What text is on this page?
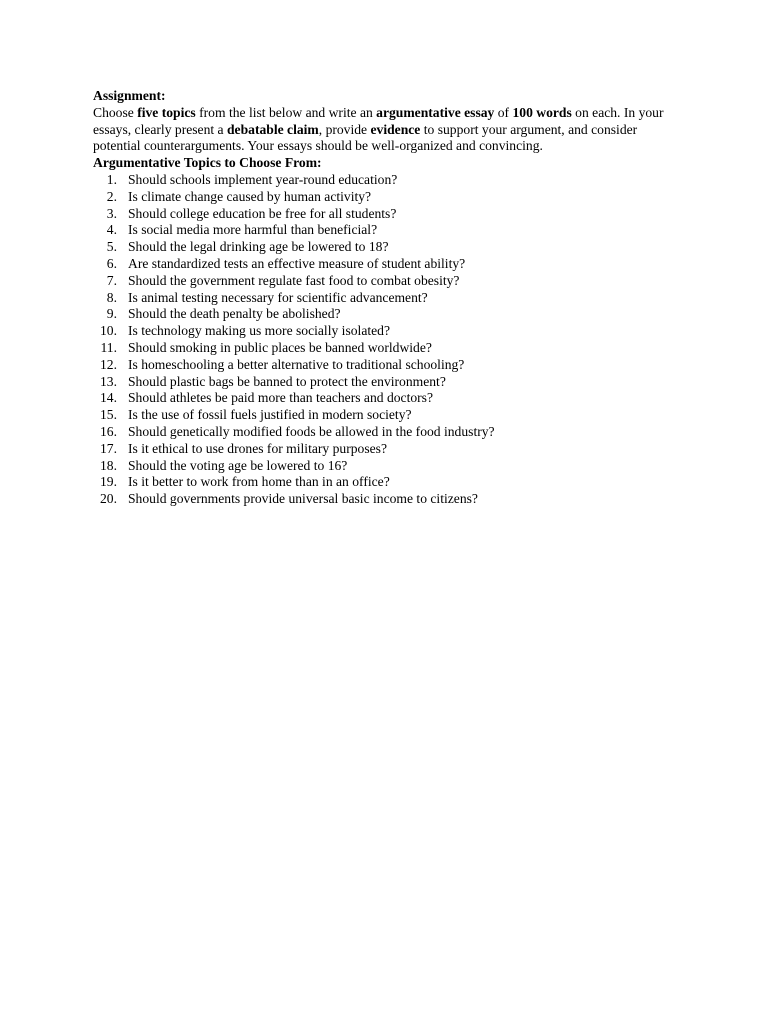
Assignment:

Choose five topics from the list below and write an argumentative essay of 100 words on each. In your essays, clearly present a debatable claim, provide evidence to support your argument, and consider potential counterarguments. Your essays should be well-organized and convincing.

Argumentative Topics to Choose From:

1. Should schools implement year-round education?
2. Is climate change caused by human activity?
3. Should college education be free for all students?
4. Is social media more harmful than beneficial?
5. Should the legal drinking age be lowered to 18?
6. Are standardized tests an effective measure of student ability?
7. Should the government regulate fast food to combat obesity?
8. Is animal testing necessary for scientific advancement?
9. Should the death penalty be abolished?
10. Is technology making us more socially isolated?
11. Should smoking in public places be banned worldwide?
12. Is homeschooling a better alternative to traditional schooling?
13. Should plastic bags be banned to protect the environment?
14. Should athletes be paid more than teachers and doctors?
15. Is the use of fossil fuels justified in modern society?
16. Should genetically modified foods be allowed in the food industry?
17. Is it ethical to use drones for military purposes?
18. Should the voting age be lowered to 16?
19. Is it better to work from home than in an office?
20. Should governments provide universal basic income to citizens?
